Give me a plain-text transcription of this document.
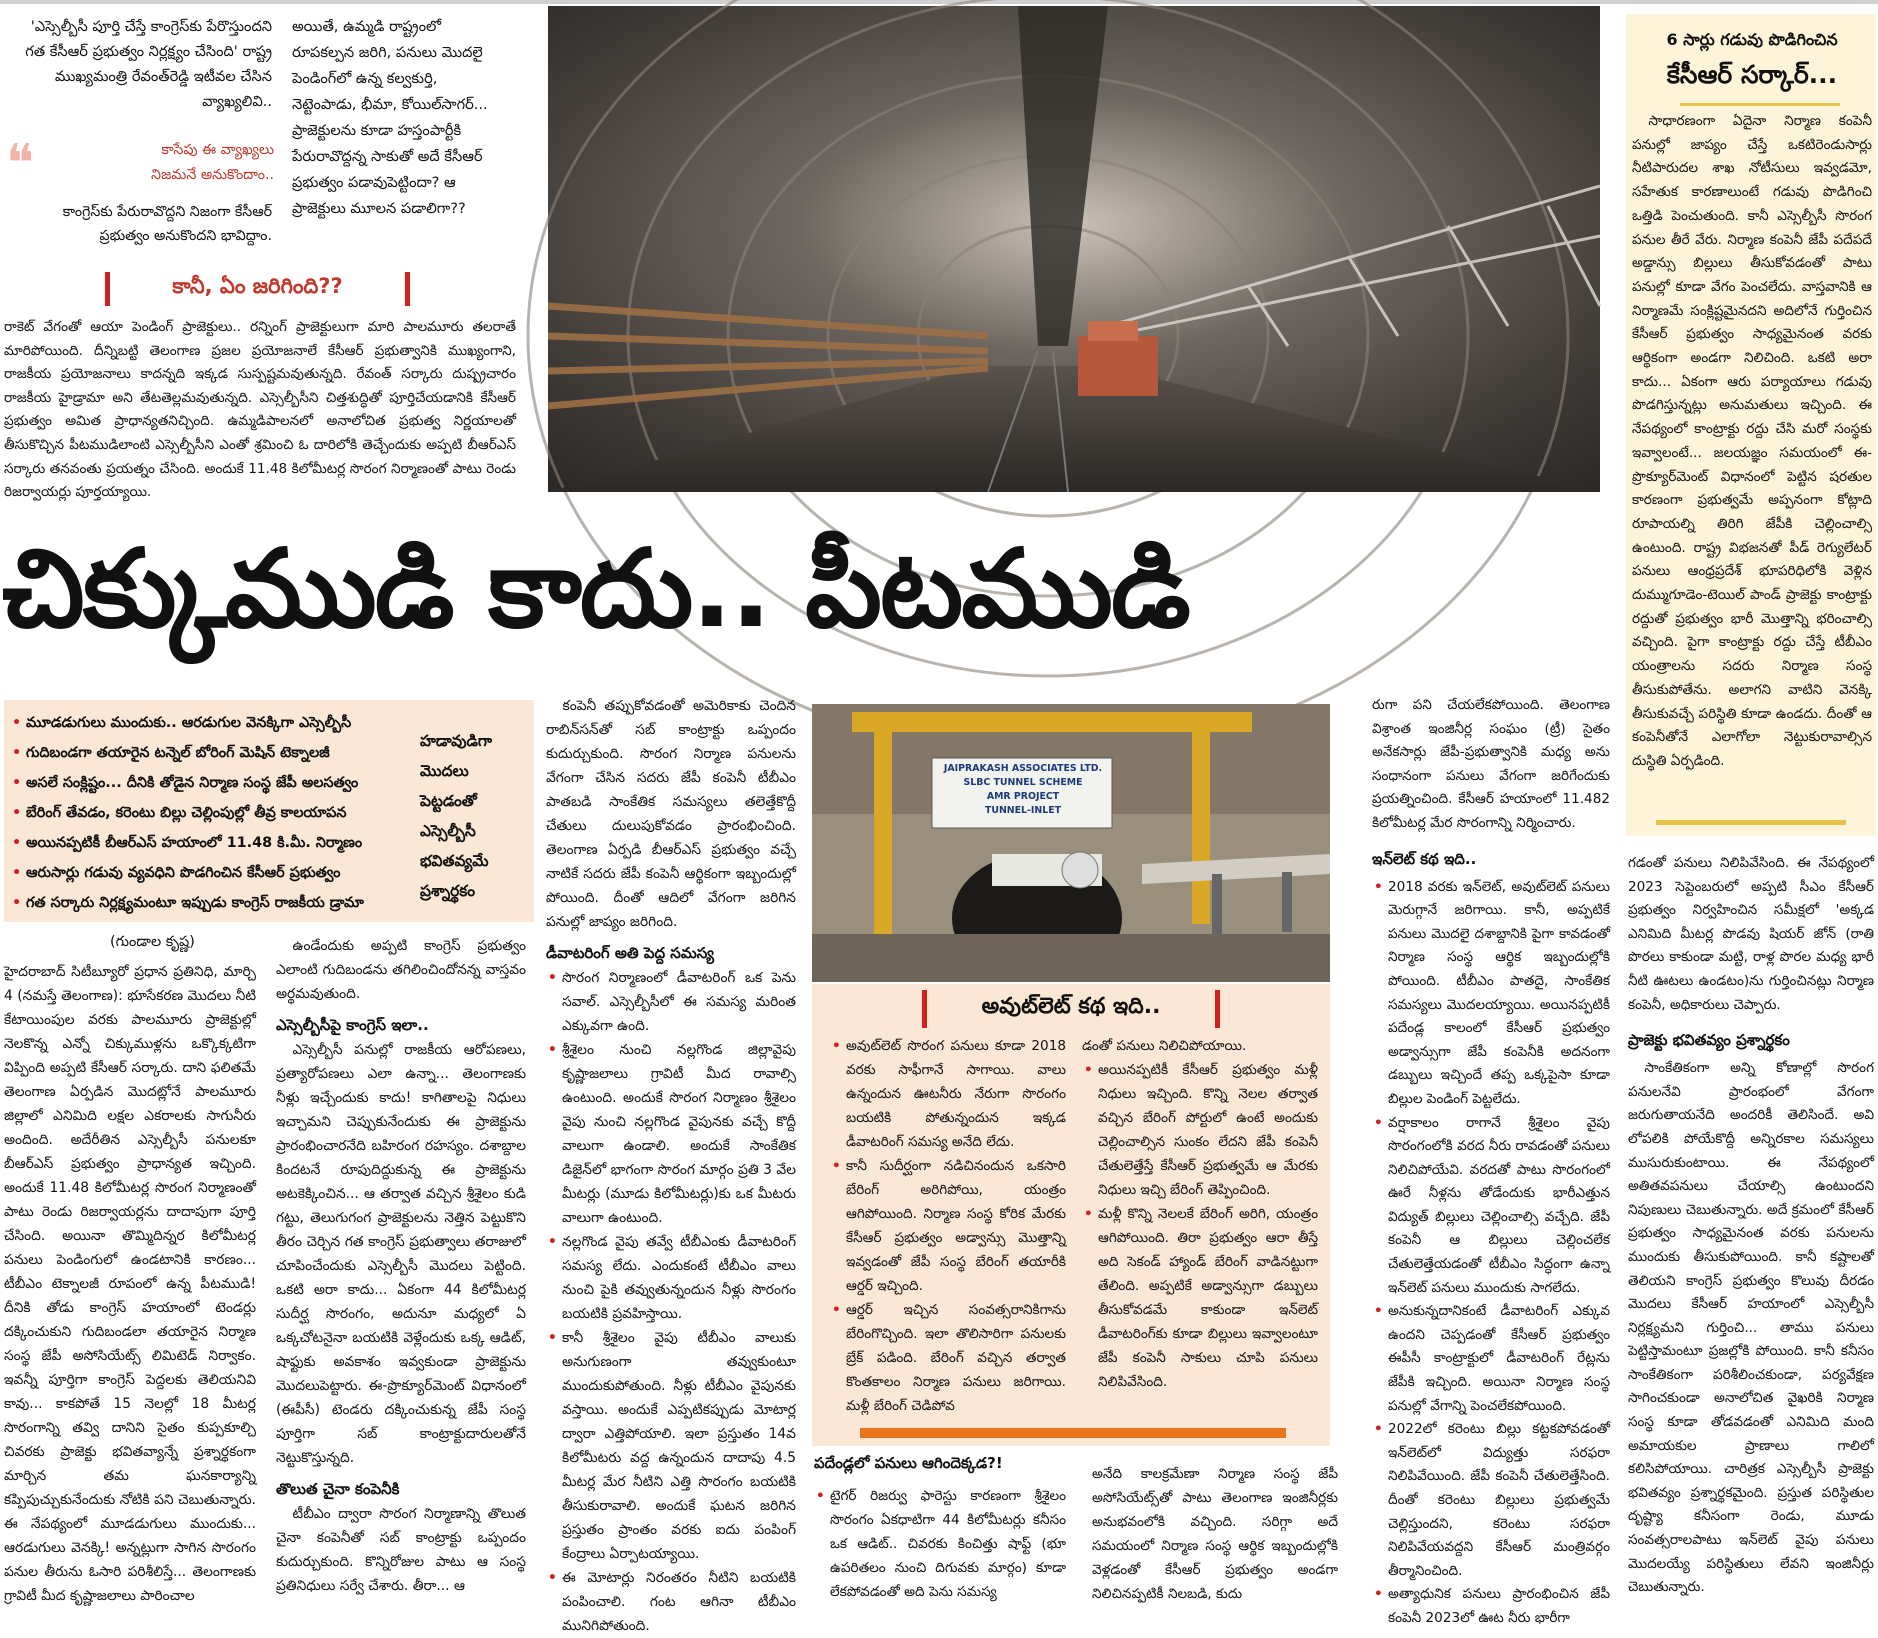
'ఎస్సెల్బీసీ పూర్తి చేస్తే కాంగ్రెస్‌కు పేరొస్తుందని గత కేసీఆర్ ప్రభుత్వం నిర్లక్ష్యం చేసింది' రాష్ట్ర ముఖ్యమంత్రి రేవంత్‌రెడ్డి ఇటీవల చేసిన వ్యాఖ్యలివి..
❝	కాసేపు ఈ వ్యాఖ్యలు నిజమనే అనుకొందాం..
కాంగ్రెస్‌కు పేరురావొద్దని నిజంగా కేసీఆర్ ప్రభుత్వం అనుకొందని భావిద్దాం.
అయితే, ఉమ్మడి రాష్ట్రంలో రూపకల్పన జరిగి, పనులు మొదలై పెండింగ్‌లో ఉన్న కల్వకుర్తి, నెట్టెంపాడు, భీమా, కోయిల్‌సాగర్... ప్రాజెక్టులను కూడా హస్తంపార్టీకి పేరురావొద్దన్న సాకుతో అదే కేసీఆర్ ప్రభుత్వం పడావుపెట్టిందా? ఆ ప్రాజెక్టులు మూలన పడాలిగా??
కానీ, ఏం జరిగింది??
రాకెట్ వేగంతో ఆయా పెండింగ్ ప్రాజెక్టులు.. రన్నింగ్ ప్రాజెక్టులుగా మారి పాలమూరు తలరాతే మారిపోయింది. దీన్నిబట్టి తెలంగాణ ప్రజల ప్రయోజనాలే కేసీఆర్ ప్రభుత్వానికి ముఖ్యంగాని, రాజకీయ ప్రయోజనాలు కాదన్నది ఇక్కడ సుస్పష్టమవుతున్నది. రేవంత్ సర్కారు దుష్ప్రచారం రాజకీయ హైడ్రామా అని తేటతెల్లమవుతున్నది. ఎస్సెల్బీసీని చిత్తశుద్ధితో పూర్తిచేయడానికి కేసీఆర్ ప్రభుత్వం అమిత ప్రాధాన్యతనిచ్చింది. ఉమ్మడిపాలనలో అనాలోచిత ప్రభుత్వ నిర్ణయాలతో తీసుకొచ్చిన పీటముడిలాంటి ఎస్సెల్బీసీని ఎంతో శ్రమించి ఓ దారిలోకి తెచ్చేందుకు అప్పటి బీఆర్ఎస్ సర్కారు తనవంతు ప్రయత్నం చేసింది. అందుకే 11.48 కిలోమీటర్ల సొరంగ నిర్మాణంతో పాటు రెండు రిజర్వాయర్లు పూర్తయ్యాయి.
6 సార్లు గడువు పొడిగించిన
కేసీఆర్ సర్కార్...

సాధారణంగా ఏదైనా నిర్మాణ కంపెనీ పనుల్లో జాప్యం చేస్తే ఒకటిరెండుసార్లు నీటిపారుదల శాఖ నోటీసులు ఇవ్వడమో, సహేతుక కారణాలుంటే గడువు పొడిగించి ఒత్తిడి పెంచుతుంది. కానీ ఎస్సెల్బీసీ సొరంగ పనుల తీరే వేరు. నిర్మాణ కంపెనీ జేపీ పదేపదే అడ్డాన్సు బిల్లులు తీసుకోవడంతో పాటు పనుల్లో కూడా వేగం పెంచలేదు. వాస్తవానికి ఆ నిర్మాణమే సంక్లిష్టమైనదని అదిలోనే గుర్తించిన కేసీఆర్ ప్రభుత్వం సాధ్యమైనంత వరకు ఆర్థికంగా అండగా నిలిచింది. ఒకటి అరా కాదు... ఏకంగా ఆరు పర్యాయాలు గడువు పొడగిస్తున్నట్లు అనుమతులు ఇచ్చింది. ఈ నేపథ్యంలో కాంట్రాక్టు రద్దు చేసి మరో సంస్థకు ఇవ్వాలంటే... జలయజ్ఞం సమయంలో ఈ-ప్రొక్యూర్‌మెంట్ విధానంలో పెట్టిన షరతుల కారణంగా ప్రభుత్వమే అప్పనంగా కోట్లాది రూపాయల్ని తిరిగి జేపీకి చెల్లించాల్సి ఉంటుంది. రాష్ట్ర విభజనతో పీడ్ రెగ్యులేటర్ పనులు ఆంధ్రప్రదేశ్ భూపరిధిలోకి వెళ్లిన దుమ్ముగూడెం-టెయిల్ పాండ్ ప్రాజెక్టు కాంట్రాక్టు రద్దుతో ప్రభుత్వం భారీ మొత్తాన్ని భరించాల్సి వచ్చింది. పైగా కాంట్రాక్టు రద్దు చేస్తే టీబీఎం యంత్రాలను సదరు నిర్మాణ సంస్థ తీసుకుపోతేను. అలాగని వాటిని వెనక్కి తీసుకువచ్చే పరిస్థితి కూడా ఉండదు. దీంతో ఆ కంపెనీతోనే ఎలాగోలా నెట్టుకురావాల్సిన దుస్థితి ఏర్పడింది.

చిక్కుముడి కాదు.. పీటముడి
• మూడడుగులు ముందుకు.. ఆరడుగుల వెనక్కిగా ఎస్సెల్బీసీ
• గుదిబండగా తయారైన టన్నెల్ బోరింగ్ మెషిన్ టెక్నాలజీ
• అసలే సంక్లిష్టం... దీనికి తోడైన నిర్మాణ సంస్థ జేపీ అలసత్వం
• బేరింగ్ తేవడం, కరెంటు బిల్లు చెల్లింపుల్లో తీవ్ర కాలయాపన
• అయినప్పటికీ బీఆర్ఎస్ హయాంలో 11.48 కి.మీ. నిర్మాణం
• ఆరుసార్లు గడువు వ్యవధిని పొడగించిన కేసీఆర్ ప్రభుత్వం
• గత సర్కారు నిర్లక్ష్యమంటూ ఇప్పుడు కాంగ్రెస్ రాజకీయ డ్రామా
హడావుడిగా మొదలు పెట్టడంతో ఎస్సెల్బీసీ భవితవ్యమే ప్రశ్నార్థకం
(గుండాల కృష్ణ)
హైదరాబాద్ సిటీబ్యూరో ప్రధాన ప్రతినిధి, మార్చి 4 (నమస్తే తెలంగాణ): భూసేకరణ మొదలు నీటి కేటాయింపుల వరకు పాలమూరు ప్రాజెక్టుల్లో నెలకొన్న ఎన్నో చిక్కుముళ్లను ఒక్కొక్కటిగా విప్పింది అప్పటి కేసీఆర్ సర్కారు. దాని ఫలితమే తెలంగాణ ఏర్పడిన మొదట్లోనే పాలమూరు జిల్లాలో ఎనిమిది లక్షల ఎకరాలకు సాగునీరు అందింది. అదేరీతిన ఎస్సెల్బీసీ పనులకూ బీఆర్ఎస్ ప్రభుత్వం ప్రాధాన్యత ఇచ్చింది. అందుకే 11.48 కిలోమీటర్ల సొరంగ నిర్మాణంతో పాటు రెండు రిజర్వాయర్లను దాదాపుగా పూర్తి చేసింది. అయినా తొమ్మిదిన్నర కిలోమీటర్ల పనులు పెండింగులో ఉండటానికి కారణం... టీబీఎం టెక్నాలజీ రూపంలో ఉన్న పీటముడి! దీనికి తోడు కాంగ్రెస్ హయాంలో టెండర్లు దక్కించుకుని గుదిబండలా తయారైన నిర్మాణ సంస్థ జేపీ అసోసియేట్స్ లిమిటెడ్ నిర్వాకం. ఇవన్నీ పూర్తిగా కాంగ్రెస్ పెద్దలకు తెలియనివి కావు... కాకపోతే 15 నెలల్లో 18 మీటర్ల సొరంగాన్ని తవ్వి దానిని సైతం కుప్పకూల్చి చివరకు ప్రాజెక్టు భవితవ్యాన్నే ప్రశ్నార్థకంగా మార్చిన తమ ఘనకార్యాన్ని కప్పిపుచ్చుకునేందుకు నోటికి పని చెబుతున్నారు. ఈ నేపథ్యంలో మూడడుగులు ముందుకు... ఆరడుగులు వెనక్కి! అన్నట్లుగా సాగిన సొరంగం పనుల తీరును ఓసారి పరిశీలిస్తే... తెలంగాణకు గ్రావిటీ మీద కృష్ణాజలాలు పారించాల

ఉండేందుకు అప్పటి కాంగ్రెస్ ప్రభుత్వం ఎలాంటి గుదిబండను తగిలించిందోనన్న వాస్తవం అర్థమవుతుంది.

ఎస్సెల్బీసీపై కాంగ్రెస్ ఇలా..

ఎస్సెల్బీసీ పనుల్లో రాజకీయ ఆరోపణలు, ప్రత్యారోపణలు ఎలా ఉన్నా... తెలంగాణకు నీళ్లు ఇచ్చేందుకు కాదు! కాగితాలపై నిధులు ఇచ్చామని చెప్పుకునేందుకు ఈ ప్రాజెక్టును ప్రారంభించారనేది బహిరంగ రహస్యం. దశాబ్దాల కిందటనే రూపుదిద్దుకున్న ఈ ప్రాజెక్టును అటకెక్కించిన... ఆ తర్వాత వచ్చిన శ్రీశైలం కుడి గట్టు, తెలుగుగంగ ప్రాజెక్టులను నెత్తిన పెట్టుకొని తీరం చెర్చిన గత కాంగ్రెస్ ప్రభుత్వాలు తరాజులో చూపించేందుకు ఎస్సెల్బీసీ మొదలు పెట్టింది. ఒకటి అరా కాదు... ఏకంగా 44 కిలోమీటర్ల సుదీర్ఘ సొరంగం, అదునూ మధ్యలో ఏ ఒక్కచోటనైనా బయటికి వెళ్లేందుకు ఒక్క ఆడిట్, షాఫ్టుకు అవకాశం ఇవ్వకుండా ప్రాజెక్టును మొదలుపెట్టారు. ఈ-ప్రొక్యూర్‌మెంట్ విధానంలో (ఈపీసీ) టెండరు దక్కించుకున్న జేపీ సంస్థ పూర్తిగా సబ్ కాంట్రాక్టుదారులతోనే నెట్టుకొస్తున్నది.

తొలుత చైనా కంపెనీకి

టీబీఎం ద్వారా సొరంగ నిర్మాణాన్ని తొలుత చైనా కంపెనీతో సబ్ కాంట్రాక్టు ఒప్పందం కుదుర్చుకుంది. కొన్నిరోజుల పాటు ఆ సంస్థ ప్రతినిధులు సర్వే చేశారు. తీరా... ఆ

కంపెనీ తప్పుకోవడంతో అమెరికాకు చెందిన రాబిన్‌సన్‌తో సబ్ కాంట్రాక్టు ఒప్పందం కుదుర్చుకుంది. సొరంగ నిర్మాణ పనులను వేగంగా చేసిన సదరు జేపీ కంపెనీ టీబీఎం పాతబడి సాంకేతిక సమస్యలు తలెత్తేకొద్దీ చేతులు దులుపుకోవడం ప్రారంభించింది. తెలంగాణ ఏర్పడి బీఆర్ఎస్ ప్రభుత్వం వచ్చే నాటికే సదరు జేపీ కంపెనీ ఆర్థికంగా ఇబ్బందుల్లో పోయింది. దీంతో ఆదిలో వేగంగా జరిగిన పనుల్లో జాప్యం జరిగింది.

డీవాటరింగ్ అతి పెద్ద సమస్య
• సొరంగ నిర్మాణంలో డీవాటరింగ్ ఒక పెను సవాల్. ఎస్సెల్బీసీలో ఈ సమస్య మరింత ఎక్కువగా ఉంది.
• శ్రీశైలం నుంచి నల్లగొండ జిల్లావైపు కృష్ణాజలాలు గ్రావిటీ మీద రావాల్సి ఉంటుంది. అందుకే సొరంగ నిర్మాణం శ్రీశైలం వైపు నుంచి నల్లగొండ వైపునకు వచ్చే కొద్దీ వాలుగా ఉండాలి. అందుకే సాంకేతిక డిజైన్‌లో భాగంగా సొరంగ మార్గం ప్రతి 3 వేల మీటర్లు (మూడు కిలోమీటర్లు)కు ఒక మీటరు వాలుగా ఉంటుంది.
• నల్లగొండ వైపు తవ్వే టీబీఎంకు డీవాటరింగ్ సమస్య లేదు. ఎందుకంటే టీబీఎం వాలు నుంచి పైకి తవ్వుతున్నందున నీళ్లు సొరంగం బయటికి ప్రవహిస్తాయి.
• కానీ శ్రీశైలం వైపు టీబీఎం వాలుకు అనుగుణంగా తవ్వుకుంటూ ముందుకుపోతుంది. నీళ్లు టీబీఎం వైపునకు వస్తాయి. అందుకే ఎప్పటికప్పుడు మోటార్ల ద్వారా ఎత్తిపోయాలి. ఇలా ప్రస్తుతం 14వ కిలోమీటరు వద్ద ఉన్నందున దాదాపు 4.5 మీటర్ల మేర నీటిని ఎత్తి సొరంగం బయటికి తీసుకురావాలి. అందుకే ఘటన జరిగిన ప్రస్తుతం ప్రాంతం వరకు ఐదు పంపింగ్ కేంద్రాలు ఏర్పాటయ్యాయి.
• ఈ మోటార్లు నిరంతరం నీటిని బయటికి పంపించాలి. గంట ఆగినా టీబీఎం మునిగిపోతుంది.
JAIPRAKASH ASSOCIATES LTD.
SLBC TUNNEL SCHEME
AMR PROJECT
TUNNEL-INLET
అవుట్‌లెట్ కథ ఇది..
• అవుట్‌లెట్ సొరంగ పనులు కూడా 2018 వరకు సాఫీగానే సాగాయి. వాలు ఉన్నందున ఊటనీరు నేరుగా సొరంగం బయటికి పోతున్నందున ఇక్కడ డీవాటరింగ్ సమస్య అనేది లేదు.
• కానీ సుదీర్ఘంగా నడిచినందున ఒకసారి బేరింగ్ అరిగిపోయి, యంత్రం ఆగిపోయింది. నిర్మాణ సంస్థ కోరిక మేరకు కేసీఆర్ ప్రభుత్వం అడ్వాన్సు మొత్తాన్ని ఇవ్వడంతో జేపీ సంస్థ బేరింగ్ తయారీకి ఆర్డర్ ఇచ్చింది.
• ఆర్డర్ ఇచ్చిన సంవత్సరానికిగాను బేరింగొచ్చింది. ఇలా తొలిసారిగా పనులకు బ్రేక్ పడింది. బేరింగ్ వచ్చిన తర్వాత కొంతకాలం నిర్మాణ పనులు జరిగాయి. మళ్లీ బేరింగ్ చెడిపోవ
డంతో పనులు నిలిచిపోయాయి.
• అయినప్పటికీ కేసీఆర్ ప్రభుత్వం మళ్లీ నిధులు ఇచ్చింది. కొన్ని నెలల తర్వాత వచ్చిన బేరింగ్ పోర్టులో ఉంటే అందుకు చెల్లించాల్సిన సుంకం లేదని జేపీ కంపెనీ చేతులెత్తేస్తే కేసీఆర్ ప్రభుత్వమే ఆ మేరకు నిధులు ఇచ్చి బేరింగ్ తెప్పించింది.
• మళ్లీ కొన్ని నెలలకే బేరింగ్ అరిగి, యంత్రం ఆగిపోయింది. తిరా ప్రభుత్వం ఆరా తీస్తే అది సెకండ్ హ్యాండ్ బేరింగ్ వాడినట్టుగా తేలింది. అప్పటికే అడ్వాన్సుగా డబ్బులు తీసుకోవడమే కాకుండా ఇన్‌లెట్ డీవాటరింగ్‌కు కూడా బిల్లులు ఇవ్వాలంటూ జేపీ కంపెనీ సాకులు చూపి పనులు నిలిపివేసింది.
పదేండ్లలో పనులు ఆగిందెక్కడ?!
• టైగర్ రిజర్వు ఫారెస్టు కారణంగా శ్రీశైలం సొరంగం ఏకధాటిగా 44 కిలోమీటర్లు కనీసం ఒక ఆడిట్.. చివరకు కించిత్తు షాఫ్ట్ (భూ ఉపరితలం నుంచి దిగువకు మార్గం) కూడా లేకపోవడంతో అది పెను సమస్య
అనేది కాలక్రమేణా నిర్మాణ సంస్థ జేపీ అసోసియేట్స్‌తో పాటు తెలంగాణ ఇంజినీర్లకు అనుభవంలోకి వచ్చింది. సరిగ్గా అదే సమయంలో నిర్మాణ సంస్థ ఆర్థిక ఇబ్బందుల్లోకి వెళ్లడంతో కేసీఆర్ ప్రభుత్వం అండగా నిలిచినప్పటికీ నిలబడి, కుదు

రుగా పని చేయలేకపోయింది. తెలంగాణ విశ్రాంత ఇంజినీర్ల సంఘం (ట్రీ) సైతం అనేకసార్లు జేపీ-ప్రభుత్వానికి మధ్య అను సంధానంగా పనులు వేగంగా జరిగేందుకు ప్రయత్నించింది. కేసీఆర్ హయాంలో 11.482 కిలోమీటర్ల మేర సొరంగాన్ని నిర్మించారు.

ఇన్‌లెట్ కథ ఇది..
• 2018 వరకు ఇన్‌లెట్, అవుట్‌లెట్ పనులు మెరుగ్గానే జరిగాయి. కానీ, అప్పటికే పనులు మొదలై దశాబ్దానికి పైగా కావడంతో నిర్మాణ సంస్థ ఆర్థిక ఇబ్బందుల్లోకి పోయింది. టీబీఎం పాతదై, సాంకేతిక సమస్యలు మొదలయ్యాయి. అయినప్పటికీ పదేండ్ల కాలంలో కేసీఆర్ ప్రభుత్వం అడ్వాన్సుగా జేపీ కంపెనీకి అదనంగా డబ్బులు ఇచ్చిందే తప్ప ఒక్కపైసా కూడా బిల్లుల పెండింగ్ పెట్టలేదు.
• వర్షాకాలం రాగానే శ్రీశైలం వైపు సొరంగంలోకి వరద నీరు రావడంతో పనులు నిలిచిపోయేవి. వరదతో పాటు సొరంగంలో ఊరే నీళ్లను తోడేందుకు భారీఎత్తున విద్యుత్ బిల్లులు చెల్లించాల్సి వచ్చేది. జేపీ కంపెనీ ఆ బిల్లులు చెల్లించలేక చేతులెత్తేయడంతో టీబీఎం సిద్ధంగా ఉన్నా ఇన్‌లెట్ పనులు ముందుకు సాగలేదు.
• అనుకున్నదానికంటే డీవాటరింగ్ ఎక్కువ ఉందని చెప్పడంతో కేసీఆర్ ప్రభుత్వం ఈపీసీ కాంట్రాక్టులో డీవాటరింగ్ రేట్లను జేపీకి ఇచ్చింది. అయినా నిర్మాణ సంస్థ పనుల్లో వేగాన్ని పెంచలేకపోయింది.
• 2022లో కరెంటు బిల్లు కట్టకపోవడంతో ఇన్‌లెట్‌లో విద్యుత్తు సరఫరా నిలిపివేయింది. జేపీ కంపెనీ చేతులెత్తేసింది. దీంతో కరెంటు బిల్లులు ప్రభుత్వమే చెల్లిస్తుందని, కరెంటు సరఫరా నిలిపివేయవద్దని కేసీఆర్ మంత్రివర్గం తీర్మానించింది.
• అత్యాధునిక పనులు ప్రారంభించిన జేపీ కంపెనీ 2023లో ఊట నీరు భారీగా

గడంతో పనులు నిలిపివేసింది. ఈ నేపథ్యంలో 2023 సెప్టెంబరులో అప్పటి సీఎం కేసీఆర్ ప్రభుత్వం నిర్వహించిన సమీక్షలో 'అక్కడ ఎనిమిది మీటర్ల పొడవు షియర్ జోన్ (రాతి పొరలు కాకుండా మట్టి, రాళ్ల పొరల మధ్య భారీ నీటి ఊటలు ఉండటం)ను గుర్తించినట్లు నిర్మాణ కంపెనీ, అధికారులు చెప్పారు.

ప్రాజెక్టు భవితవ్యం ప్రశ్నార్థకం

సాంకేతికంగా అన్ని కోణాల్లో సొరంగ పనులనేవి ప్రారంభంలో వేగంగా జరుగుతాయనేది అందరికీ తెలిసిందే. అవి లోపలికి పోయేకొద్దీ అన్నిరకాల సమస్యలు ముసురుకుంటాయి. ఈ నేపథ్యంలో అతితవపనులు చేయాల్సి ఉంటుందని నిపుణులు చెబుతున్నారు. అదే క్రమంలో కేసీఆర్ ప్రభుత్వం సాధ్యమైనంత వరకు పనులను ముందుకు తీసుకుపోయింది. కానీ కష్టాలతో తెలియని కాంగ్రెస్ ప్రభుత్వం కొలువు దీరడం మొదలు కేసీఆర్ హయాంలో ఎస్సెల్బీసీ నిర్లక్ష్యమని గుర్తించి... తాము పనులు పెట్టిస్తామంటూ ప్రజల్లోకి పోయింది. కానీ కనీసం సాంకేతికంగా పరిశీలించకుండా, పర్యవేక్షణ సాగించకుండా అనాలోచిత వైఖరికి నిర్మాణ సంస్థ కూడా తోడవడంతో ఎనిమిది మంది అమాయకుల ప్రాణాలు గాలిలో కలిసిపోయాయి. చారిత్రక ఎస్సెల్బీసీ ప్రాజెక్టు భవితవ్యం ప్రశ్నార్థకమైంది. ప్రస్తుత పరిస్థితుల దృష్ట్యా కనీసంగా రెండు, మూడు సంవత్సరాలపాటు ఇన్‌లెట్ వైపు పనులు మొదలయ్యే పరిస్థితులు లేవని ఇంజినీర్లు చెబుతున్నారు.
